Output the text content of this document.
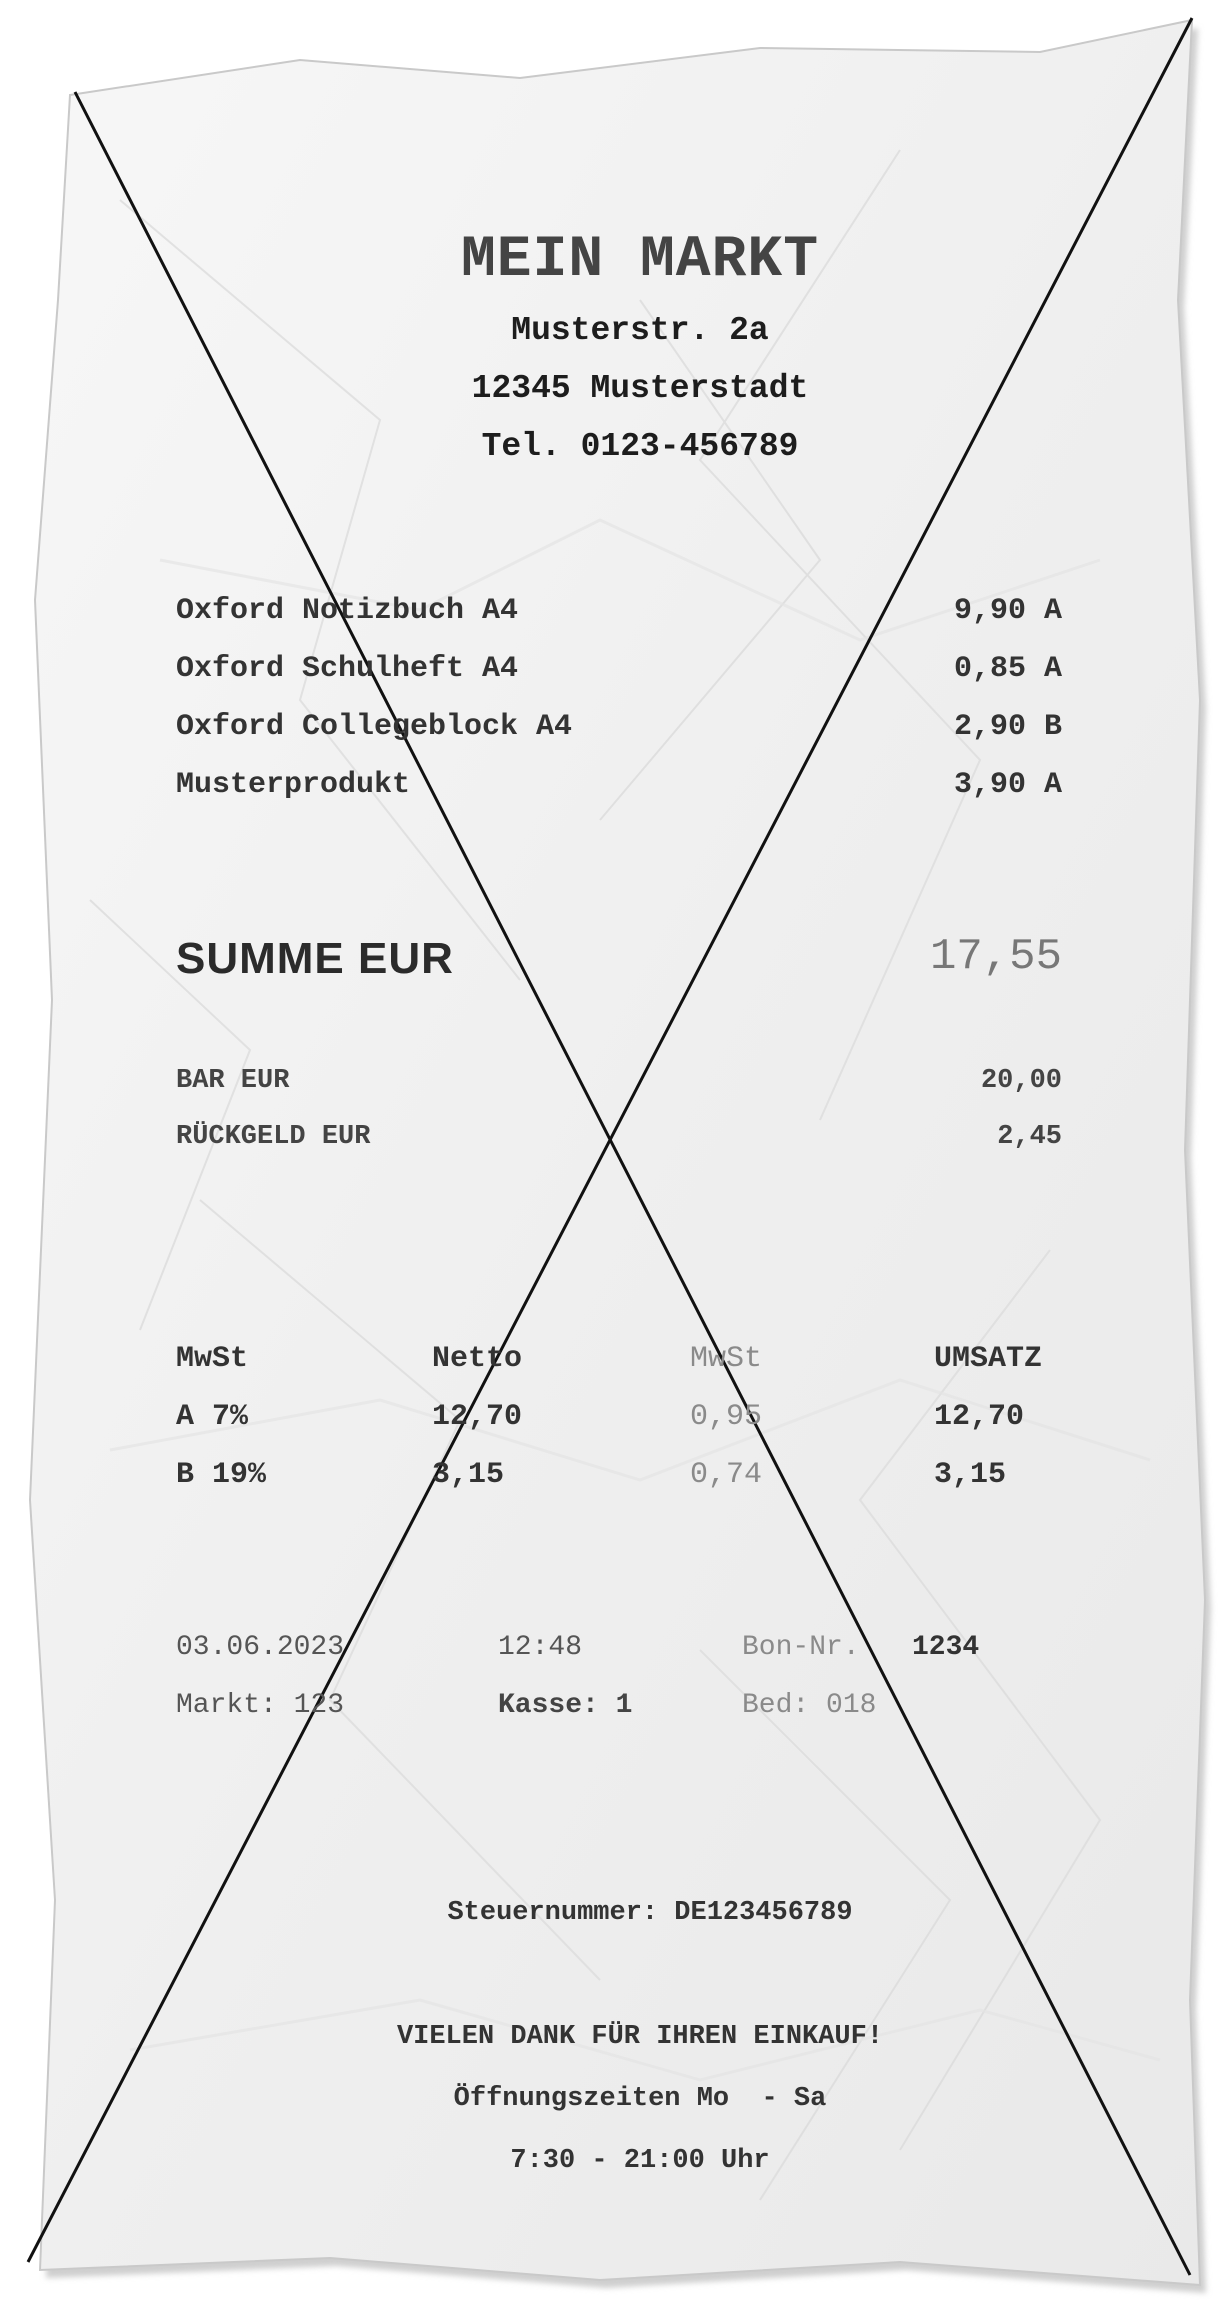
MEIN MARKT
Musterstr. 2a
12345 Musterstadt
Tel. 0123-456789
Oxford Notizbuch A4	9,90 A
Oxford Schulheft A4	0,85 A
Oxford Collegeblock A4	2,90 B
Musterprodukt	3,90 A
SUMME EUR	17,55
BAR EUR	20,00
RÜCKGELD EUR	2,45
MwSt	Netto	MwSt	UMSATZ
A 7%	12,70	0,95	12,70
B 19%	3,15	0,74	3,15
03.06.2023	12:48	Bon-Nr. 1234
Markt: 123	Kasse: 1	Bed: 018
Steuernummer: DE123456789
VIELEN DANK FÜR IHREN EINKAUF!
Öffnungszeiten Mo  - Sa
7:30 - 21:00 Uhr
